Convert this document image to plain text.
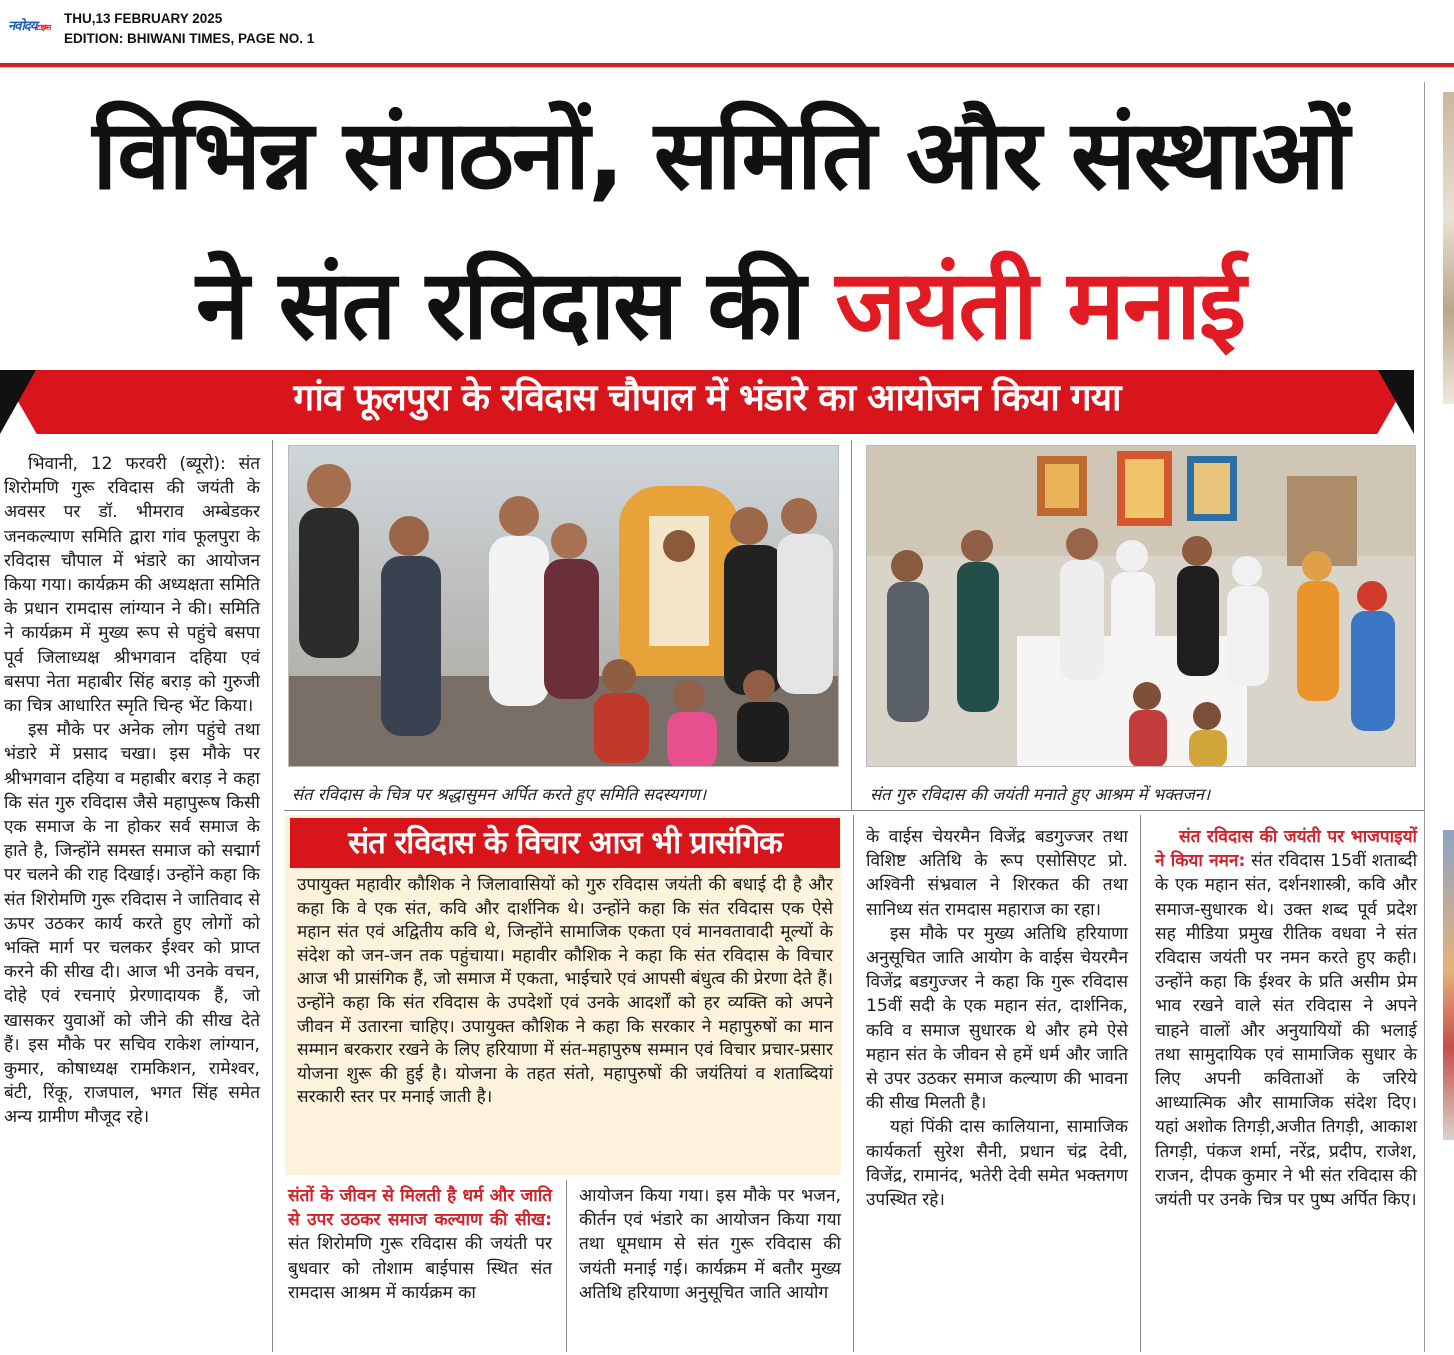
नवोदयटाइम्स
THU,13 FEBRUARY 2025
EDITION: BHIWANI TIMES, PAGE NO. 1
विभिन्न संगठनों, समिति और संस्थाओं
ने संत रविदास की जयंती मनाई
गांव फूलपुरा के रविदास चौपाल में भंडारे का आयोजन किया गया

भिवानी, 12 फरवरी (ब्यूरो): संत शिरोमणि गुरू रविदास की जयंती के अवसर पर डॉ. भीमराव अम्बेडकर जनकल्याण समिति द्वारा गांव फूलपुरा के रविदास चौपाल में भंडारे का आयोजन किया गया। कार्यक्रम की अध्यक्षता समिति के प्रधान रामदास लांग्यान ने की। समिति ने कार्यक्रम में मुख्य रूप से पहुंचे बसपा पूर्व जिलाध्यक्ष श्रीभगवान दहिया एवं बसपा नेता महाबीर सिंह बराड़ को गुरुजी का चित्र आधारित स्मृति चिन्ह भेंट किया।

इस मौके पर अनेक लोग पहुंचे तथा भंडारे में प्रसाद चखा। इस मौके पर श्रीभगवान दहिया व महाबीर बराड़ ने कहा कि संत गुरु रविदास जैसे महापुरूष किसी एक समाज के ना होकर सर्व समाज के हाते है, जिन्होंने समस्त समाज को सद्मार्ग पर चलने की राह दिखाई। उन्होंने कहा कि संत शिरोमणि गुरू रविदास ने जातिवाद से ऊपर उठकर कार्य करते हुए लोगों को भक्ति मार्ग पर चलकर ईश्वर को प्राप्त करने की सीख दी। आज भी उनके वचन, दोहे एवं रचनाएं प्रेरणादायक हैं, जो खासकर युवाओं को जीने की सीख देते हैं। इस मौके पर सचिव राकेश लांग्यान, कुमार, कोषाध्यक्ष रामकिशन, रामेश्वर, बंटी, रिंकू, राजपाल, भगत सिंह समेत अन्य ग्रामीण मौजूद रहे।

संत रविदास के चित्र पर श्रद्धासुमन अर्पित करते हुए समिति सदस्यगण।	संत गुरु रविदास की जयंती मनाते हुए आश्रम में भक्तजन।
संत रविदास के विचार आज भी प्रासंगिक
उपायुक्त महावीर कौशिक ने जिलावासियों को गुरु रविदास जयंती की बधाई दी है और कहा कि वे एक संत, कवि और दार्शनिक थे। उन्होंने कहा कि संत रविदास एक ऐसे महान संत एवं अद्वितीय कवि थे, जिन्होंने सामाजिक एकता एवं मानवतावादी मूल्यों के संदेश को जन-जन तक पहुंचाया। महावीर कौशिक ने कहा कि संत रविदास के विचार आज भी प्रासंगिक हैं, जो समाज में एकता, भाईचारे एवं आपसी बंधुत्व की प्रेरणा देते हैं। उन्होंने कहा कि संत रविदास के उपदेशों एवं उनके आदर्शों को हर व्यक्ति को अपने जीवन में उतारना चाहिए। उपायुक्त कौशिक ने कहा कि सरकार ने महापुरुषों का मान सम्मान बरकरार रखने के लिए हरियाणा में संत-महापुरुष सम्मान एवं विचार प्रचार-प्रसार योजना शुरू की हुई है। योजना के तहत संतो, महापुरुषों की जयंतियां व शताब्दियां सरकारी स्तर पर मनाई जाती है।

संतों के जीवन से मिलती है धर्म और जाति से उपर उठकर समाज कल्याण की सीख: संत शिरोमणि गुरू रविदास की जयंती पर बुधवार को तोशाम बाईपास स्थित संत रामदास आश्रम में कार्यक्रम का

आयोजन किया गया। इस मौके पर भजन, कीर्तन एवं भंडारे का आयोजन किया गया तथा धूमधाम से संत गुरू रविदास की जयंती मनाई गई। कार्यक्रम में बतौर मुख्य अतिथि हरियाणा अनुसूचित जाति आयोग

के वाईस चेयरमैन विजेंद्र बडगुज्जर तथा विशिष्ट अतिथि के रूप एसोसिएट प्रो. अश्विनी संभ्रवाल ने शिरकत की तथा सानिध्य संत रामदास महाराज का रहा।

इस मौके पर मुख्य अतिथि हरियाणा अनुसूचित जाति आयोग के वाईस चेयरमैन विजेंद्र बडगुज्जर ने कहा कि गुरू रविदास 15वीं सदी के एक महान संत, दार्शनिक, कवि व समाज सुधारक थे और हमे ऐसे महान संत के जीवन से हमें धर्म और जाति से उपर उठकर समाज कल्याण की भावना की सीख मिलती है।

यहां पिंकी दास कालियाना, सामाजिक कार्यकर्ता सुरेश सैनी, प्रधान चंद्र देवी, विजेंद्र, रामानंद, भतेरी देवी समेत भक्तगण उपस्थित रहे।

संत रविदास की जयंती पर भाजपाइयों ने किया नमन: संत रविदास 15वीं शताब्दी के एक महान संत, दर्शनशास्त्री, कवि और समाज-सुधारक थे। उक्त शब्द पूर्व प्रदेश सह मीडिया प्रमुख रीतिक वधवा ने संत रविदास जयंती पर नमन करते हुए कही। उन्होंने कहा कि ईश्वर के प्रति असीम प्रेम भाव रखने वाले संत रविदास ने अपने चाहने वालों और अनुयायियों की भलाई तथा सामुदायिक एवं सामाजिक सुधार के लिए अपनी कविताओं के जरिये आध्यात्मिक और सामाजिक संदेश दिए। यहां अशोक तिगड़ी,अजीत तिगड़ी, आकाश तिगड़ी, पंकज शर्मा, नरेंद्र, प्रदीप, राजेश, राजन, दीपक कुमार ने भी संत रविदास की जयंती पर उनके चित्र पर पुष्प अर्पित किए।
